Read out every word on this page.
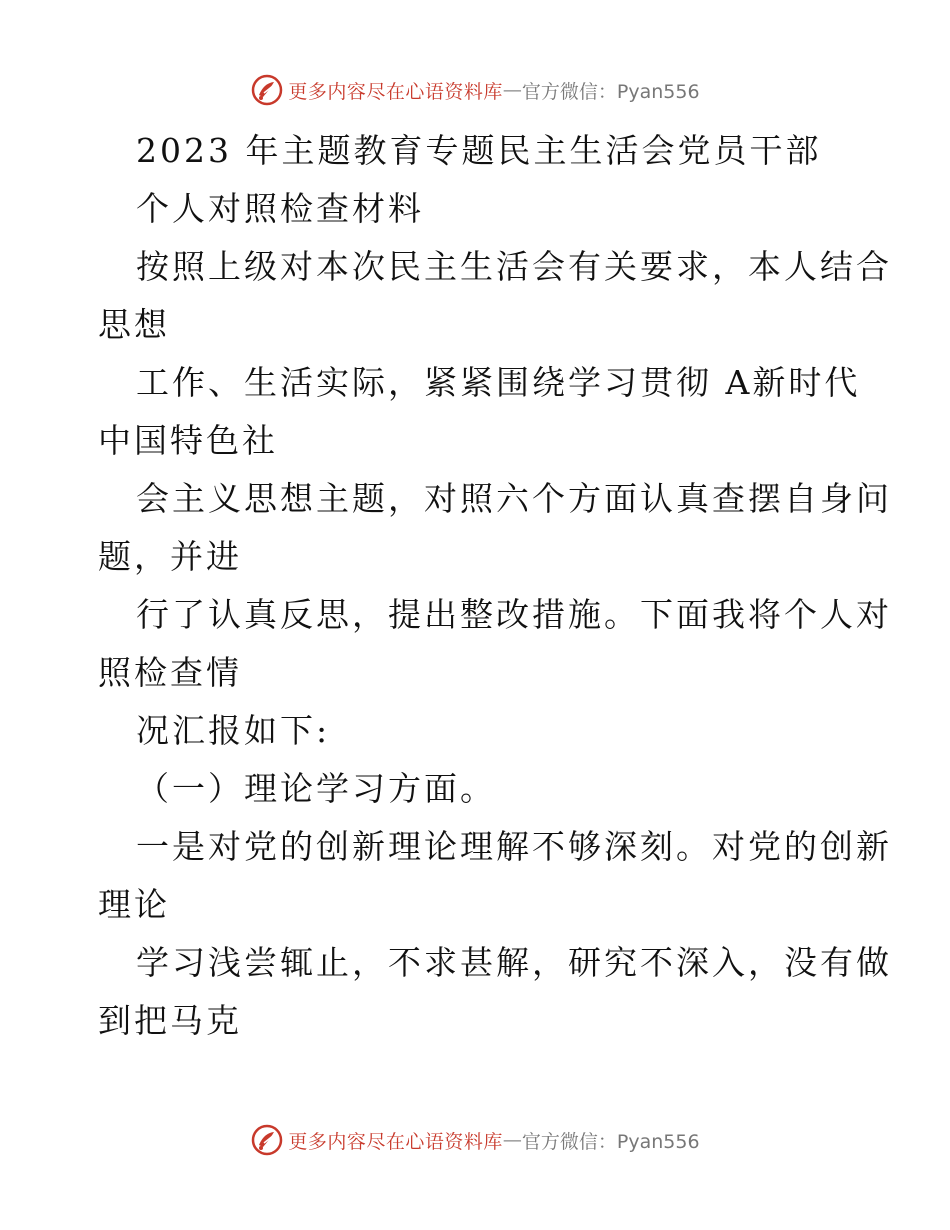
更多内容尽在心语资料库 — 官方微信：Pyan556
2023 年主题教育专题民主生活会党员干部
个人对照检查材料
按照上级对本次民主生活会有关要求，本人结合
思想
工作、生活实际，紧紧围绕学习贯彻 A新时代
中国特色社
会主义思想主题，对照六个方面认真查摆自身问
题，并进
行了认真反思，提出整改措施。下面我将个人对
照检查情
况汇报如下:
（一）理论学习方面。
一是对党的创新理论理解不够深刻。对党的创新
理论
学习浅尝辄止，不求甚解，研究不深入，没有做
到把马克
更多内容尽在心语资料库 — 官方微信：Pyan556
